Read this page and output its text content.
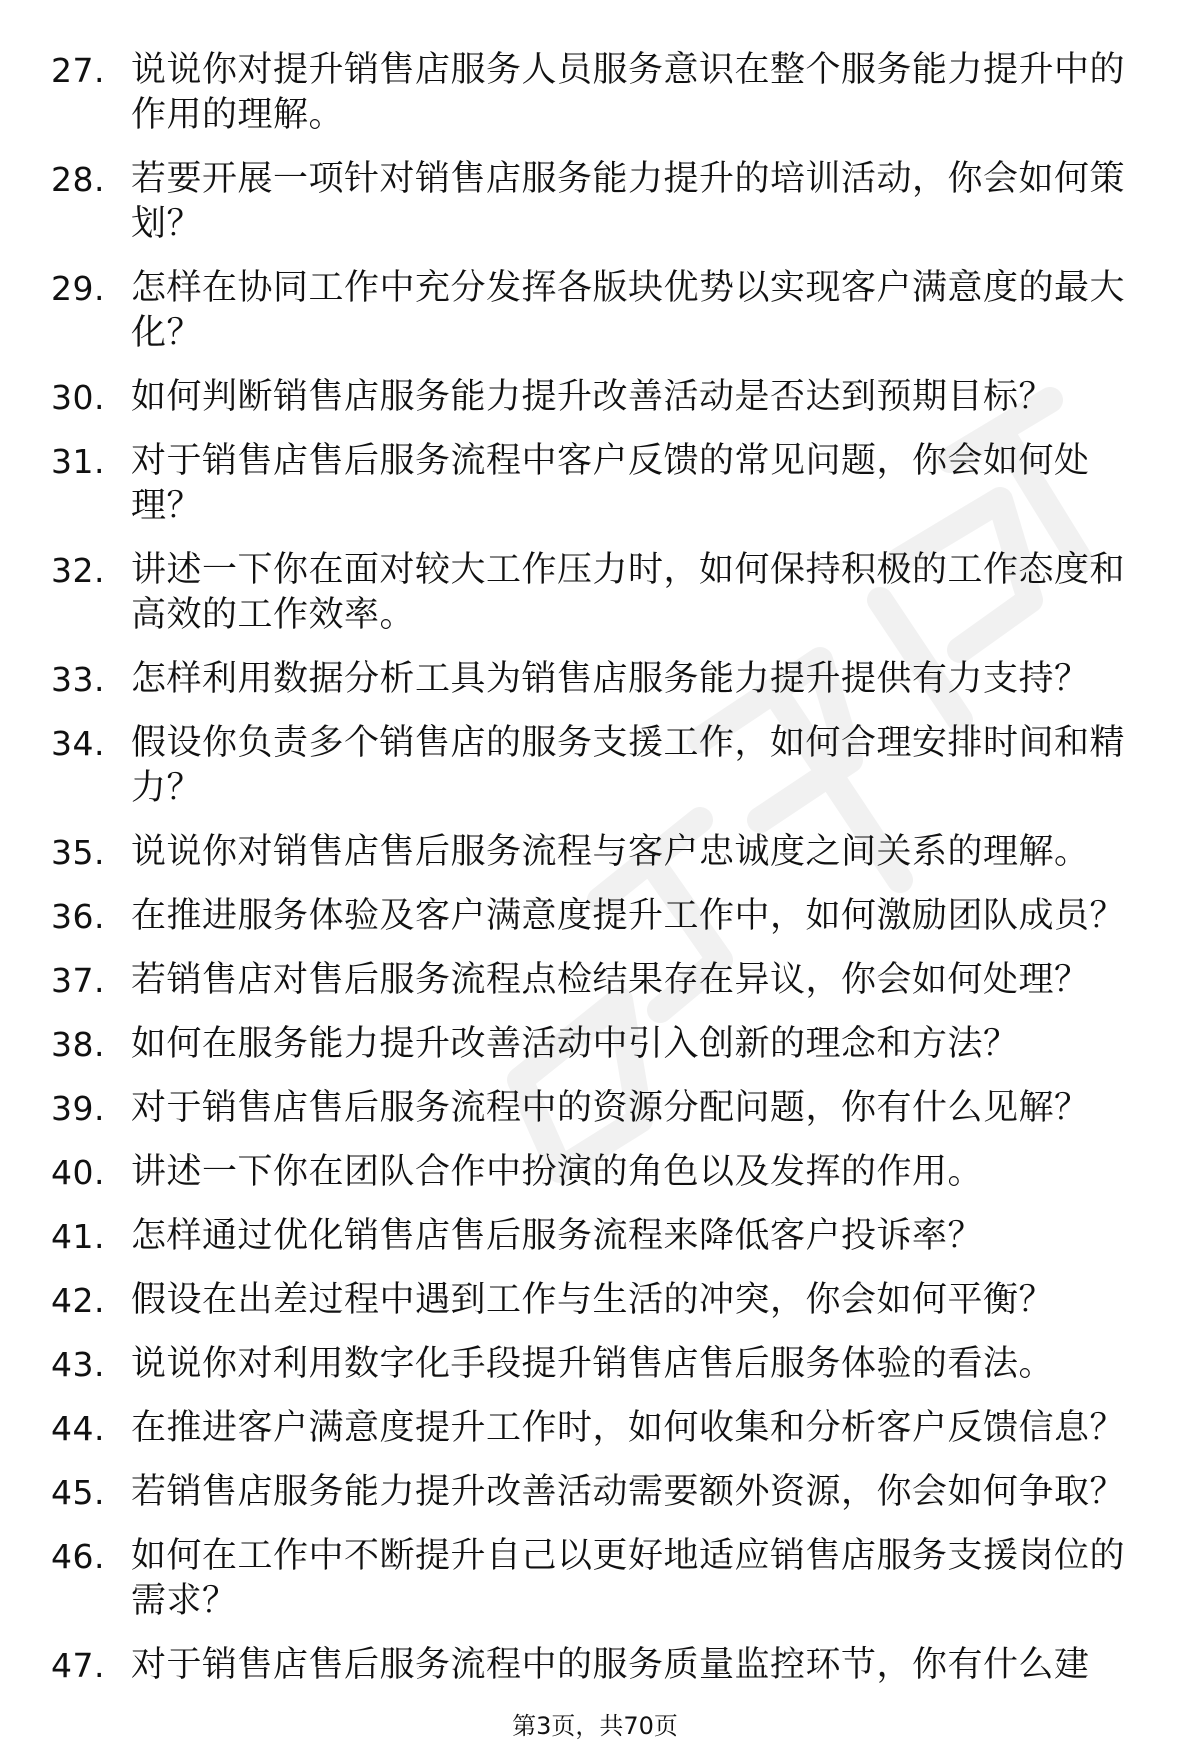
27. 说说你对提升销售店服务人员服务意识在整个服务能力提升中的作用的理解。
28. 若要开展一项针对销售店服务能力提升的培训活动，你会如何策划？
29. 怎样在协同工作中充分发挥各版块优势以实现客户满意度的最大化？
30. 如何判断销售店服务能力提升改善活动是否达到预期目标？
31. 对于销售店售后服务流程中客户反馈的常见问题，你会如何处理？
32. 讲述一下你在面对较大工作压力时，如何保持积极的工作态度和高效的工作效率。
33. 怎样利用数据分析工具为销售店服务能力提升提供有力支持？
34. 假设你负责多个销售店的服务支援工作，如何合理安排时间和精力？
35. 说说你对销售店售后服务流程与客户忠诚度之间关系的理解。
36. 在推进服务体验及客户满意度提升工作中，如何激励团队成员？
37. 若销售店对售后服务流程点检结果存在异议，你会如何处理？
38. 如何在服务能力提升改善活动中引入创新的理念和方法？
39. 对于销售店售后服务流程中的资源分配问题，你有什么见解？
40. 讲述一下你在团队合作中扮演的角色以及发挥的作用。
41. 怎样通过优化销售店售后服务流程来降低客户投诉率？
42. 假设在出差过程中遇到工作与生活的冲突，你会如何平衡？
43. 说说你对利用数字化手段提升销售店售后服务体验的看法。
44. 在推进客户满意度提升工作时，如何收集和分析客户反馈信息？
45. 若销售店服务能力提升改善活动需要额外资源，你会如何争取？
46. 如何在工作中不断提升自己以更好地适应销售店服务支援岗位的需求？
47. 对于销售店售后服务流程中的服务质量监控环节，你有什么建
第3页，共70页
